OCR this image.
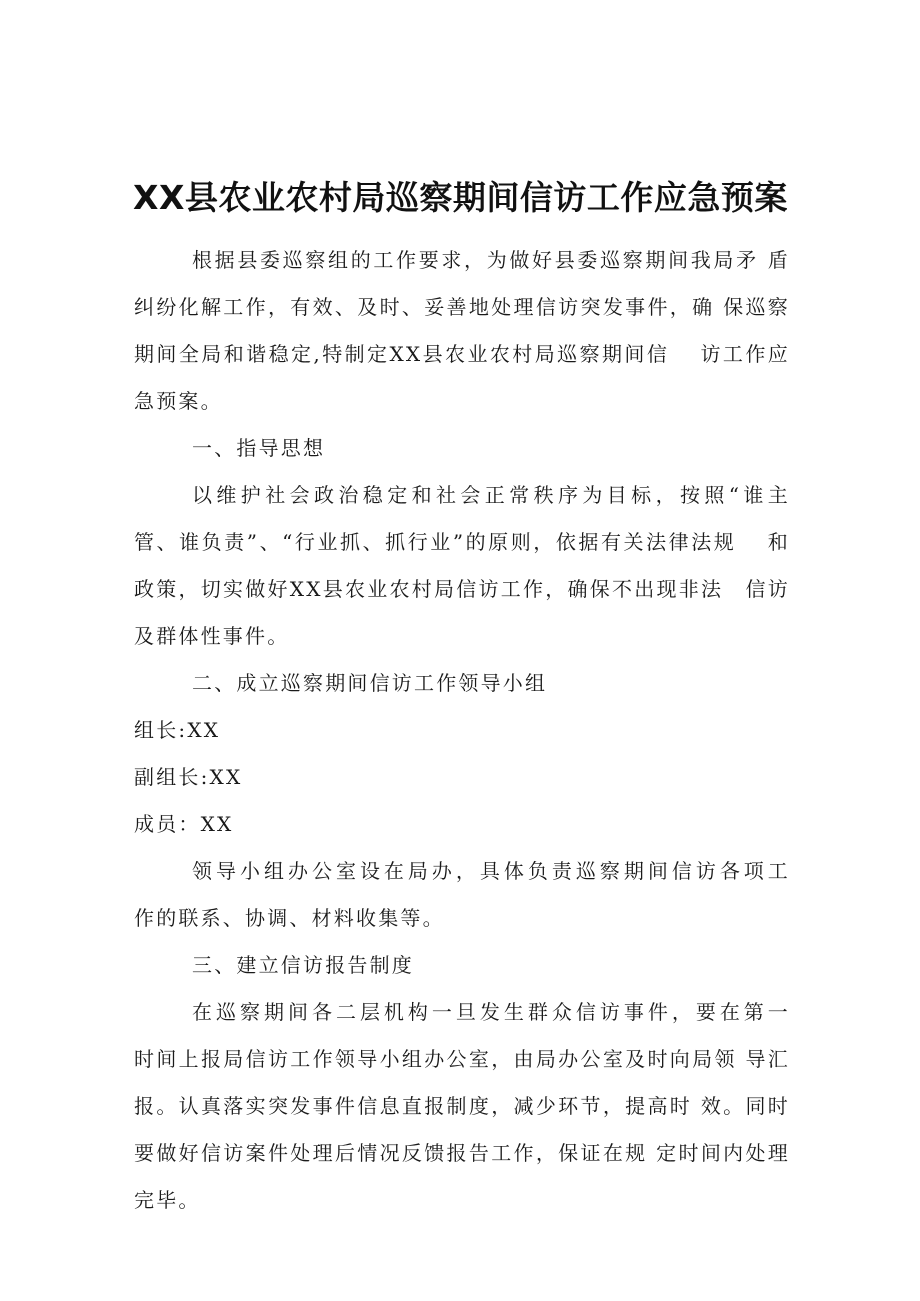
XX县农业农村局巡察期间信访工作应急预案

根据县委巡察组的工作要求，为做好县委巡察期间我局矛 盾纠纷化解工作，有效、及时、妥善地处理信访突发事件，确 保巡察期间全局和谐稳定,特制定XX县农业农村局巡察期间信　 访工作应急预案。

一、指导思想

以维护社会政治稳定和社会正常秩序为目标，按照“谁主 管、谁负责”、“行业抓、抓行业”的原则，依据有关法律法规　 和政策，切实做好XX县农业农村局信访工作，确保不出现非法　信访及群体性事件。

二、成立巡察期间信访工作领导小组

组长:XX

副组长:XX

成员：XX

领导小组办公室设在局办，具体负责巡察期间信访各项工　作的联系、协调、材料收集等。

三、建立信访报告制度

在巡察期间各二层机构一旦发生群众信访事件，要在第一　时间上报局信访工作领导小组办公室，由局办公室及时向局领 导汇报。认真落实突发事件信息直报制度，减少环节，提高时 效。同时要做好信访案件处理后情况反馈报告工作，保证在规 定时间内处理完毕。
